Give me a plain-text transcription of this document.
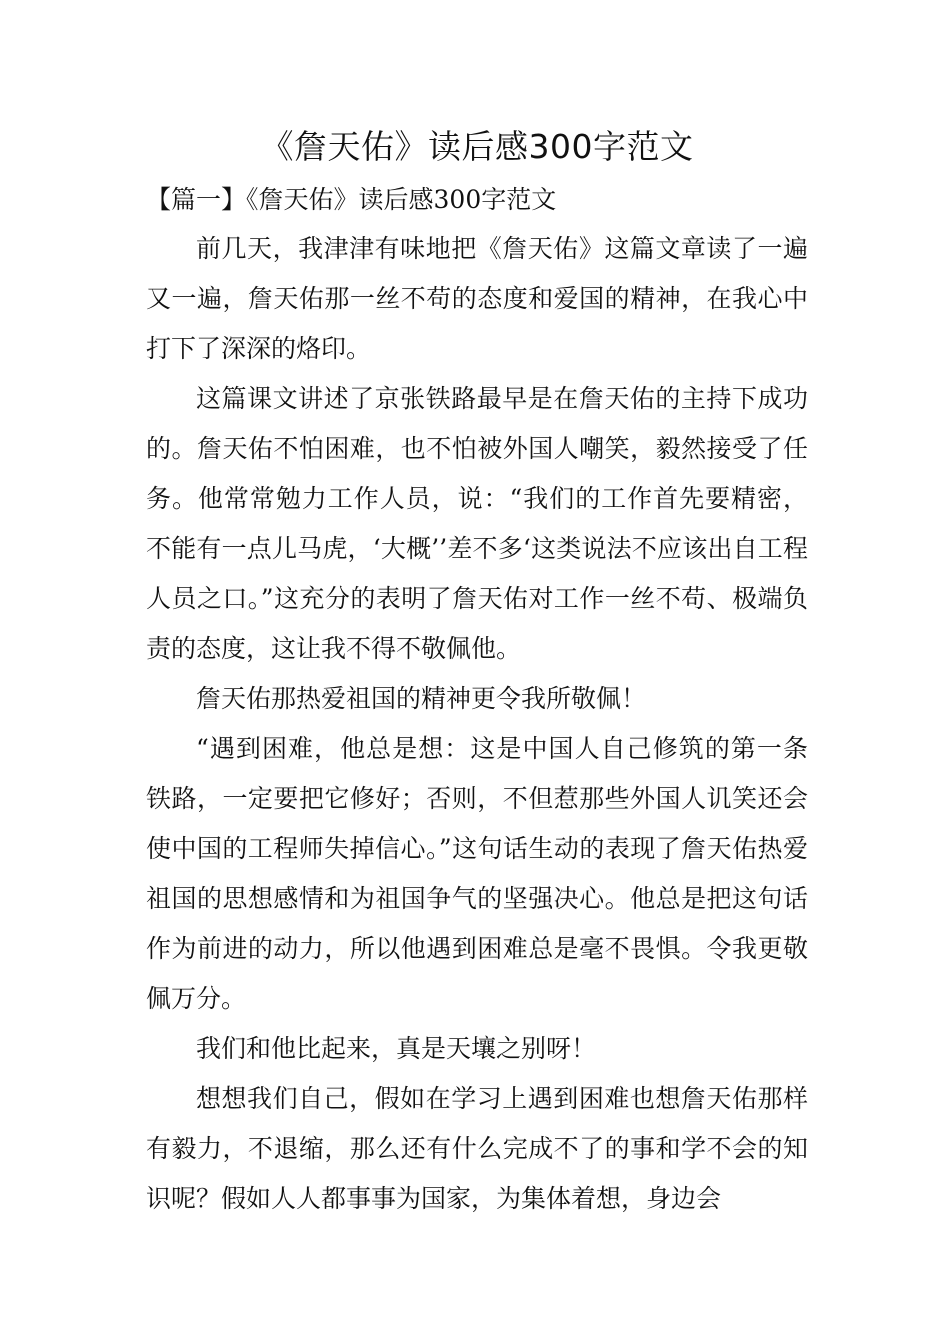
《詹天佑》读后感300字范文
【篇一】《詹天佑》读后感300字范文

前几天，我津津有味地把《詹天佑》这篇文章读了一遍又一遍，詹天佑那一丝不苟的态度和爱国的精神，在我心中打下了深深的烙印。

这篇课文讲述了京张铁路最早是在詹天佑的主持下成功的。詹天佑不怕困难，也不怕被外国人嘲笑，毅然接受了任务。他常常勉力工作人员，说：“我们的工作首先要精密，不能有一点儿马虎，‘大概’’差不多‘这类说法不应该出自工程人员之口。”这充分的表明了詹天佑对工作一丝不苟、极端负责的态度，这让我不得不敬佩他。

詹天佑那热爱祖国的精神更令我所敬佩！

“遇到困难，他总是想：这是中国人自己修筑的第一条铁路，一定要把它修好；否则，不但惹那些外国人讥笑还会使中国的工程师失掉信心。”这句话生动的表现了詹天佑热爱祖国的思想感情和为祖国争气的坚强决心。他总是把这句话作为前进的动力，所以他遇到困难总是毫不畏惧。令我更敬佩万分。

我们和他比起来，真是天壤之别呀！

想想我们自己，假如在学习上遇到困难也想詹天佑那样有毅力，不退缩，那么还有什么完成不了的事和学不会的知识呢？假如人人都事事为国家，为集体着想，身边会
